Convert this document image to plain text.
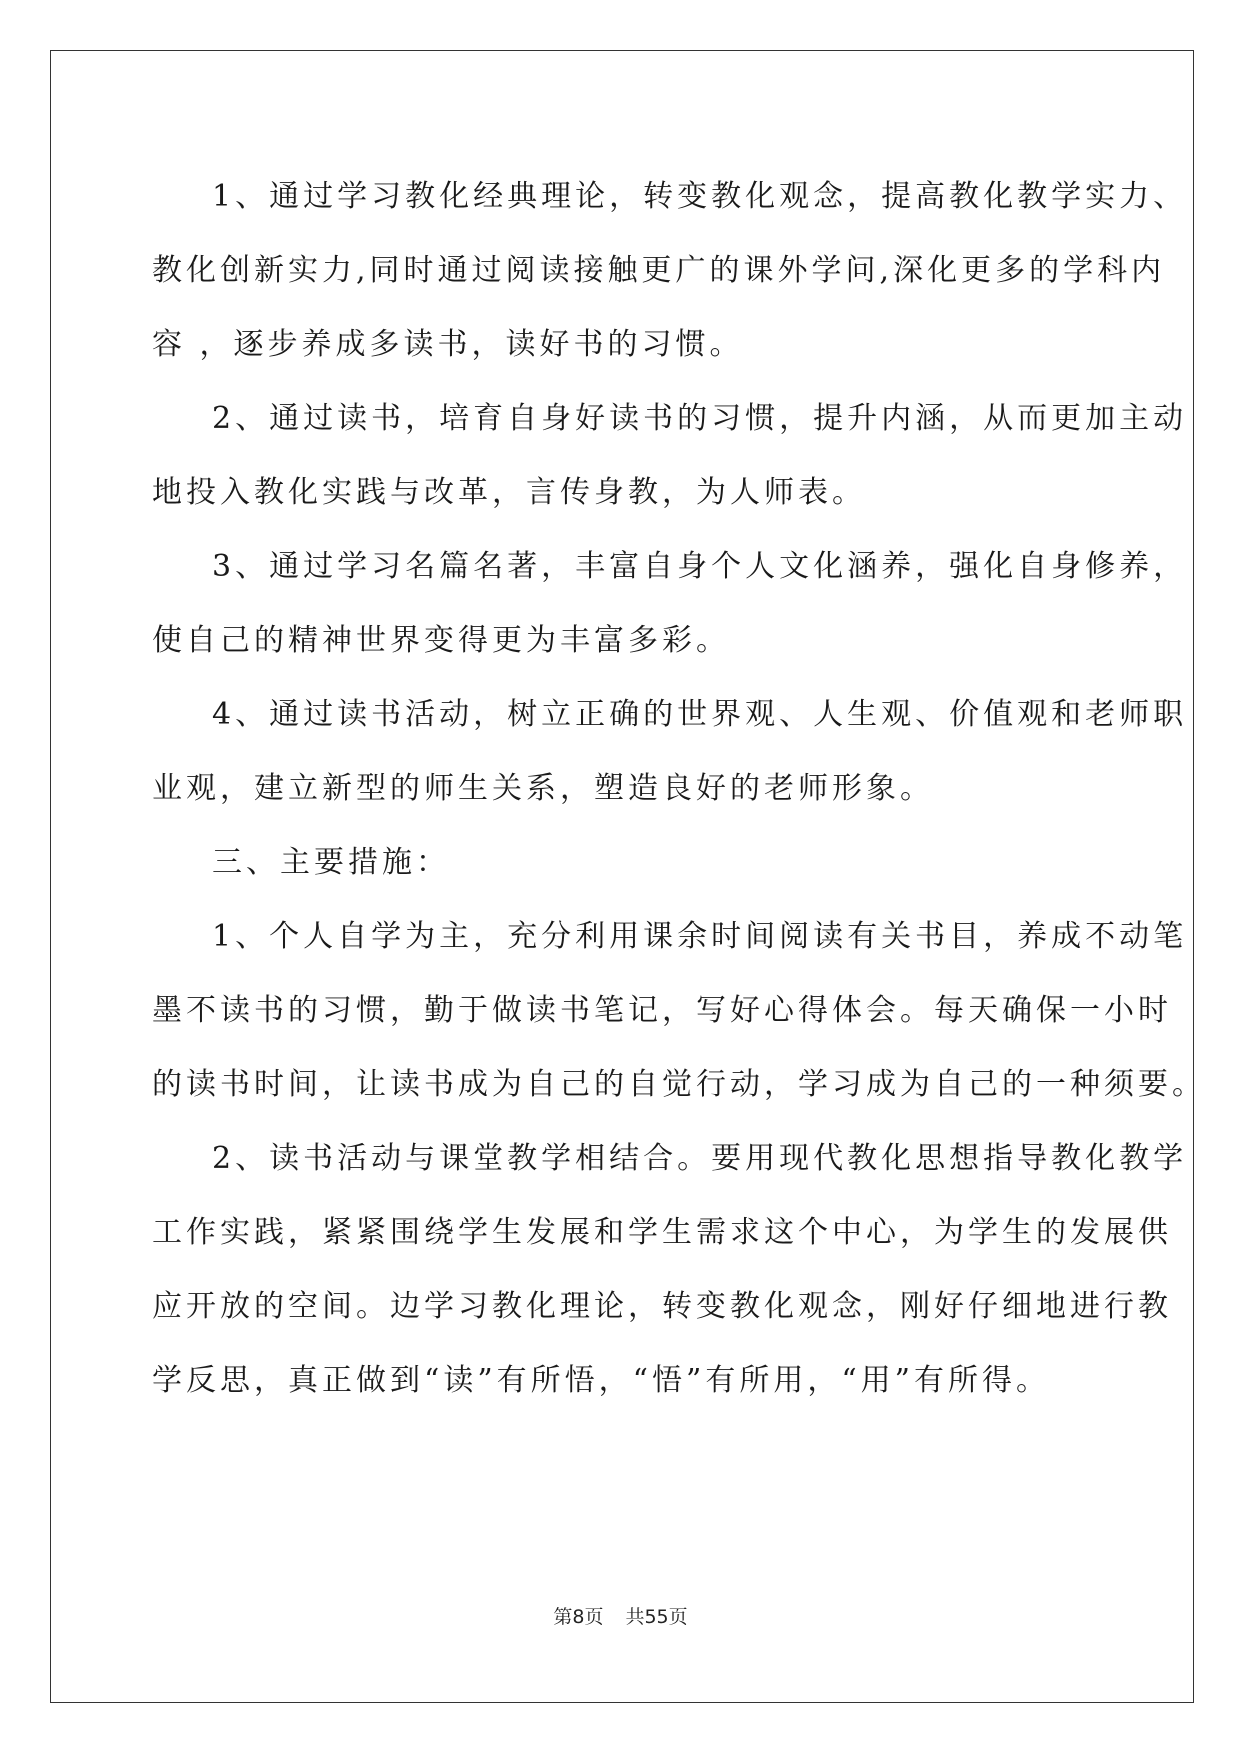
1、通过学习教化经典理论，转变教化观念，提高教化教学实力、
教化创新实力,同时通过阅读接触更广的课外学问,深化更多的学科内
容 ，逐步养成多读书，读好书的习惯。

2、通过读书，培育自身好读书的习惯，提升内涵，从而更加主动
地投入教化实践与改革，言传身教，为人师表。

3、通过学习名篇名著，丰富自身个人文化涵养，强化自身修养，
使自己的精神世界变得更为丰富多彩。

4、通过读书活动，树立正确的世界观、人生观、价值观和老师职
业观，建立新型的师生关系，塑造良好的老师形象。

三、主要措施：

1、个人自学为主，充分利用课余时间阅读有关书目，养成不动笔
墨不读书的习惯，勤于做读书笔记，写好心得体会。每天确保一小时
的读书时间，让读书成为自己的自觉行动，学习成为自己的一种须要。

2、读书活动与课堂教学相结合。要用现代教化思想指导教化教学
工作实践，紧紧围绕学生发展和学生需求这个中心，为学生的发展供
应开放的空间。边学习教化理论，转变教化观念，刚好仔细地进行教
学反思，真正做到“读”有所悟，“悟”有所用，“用”有所得。

第8页 共55页
